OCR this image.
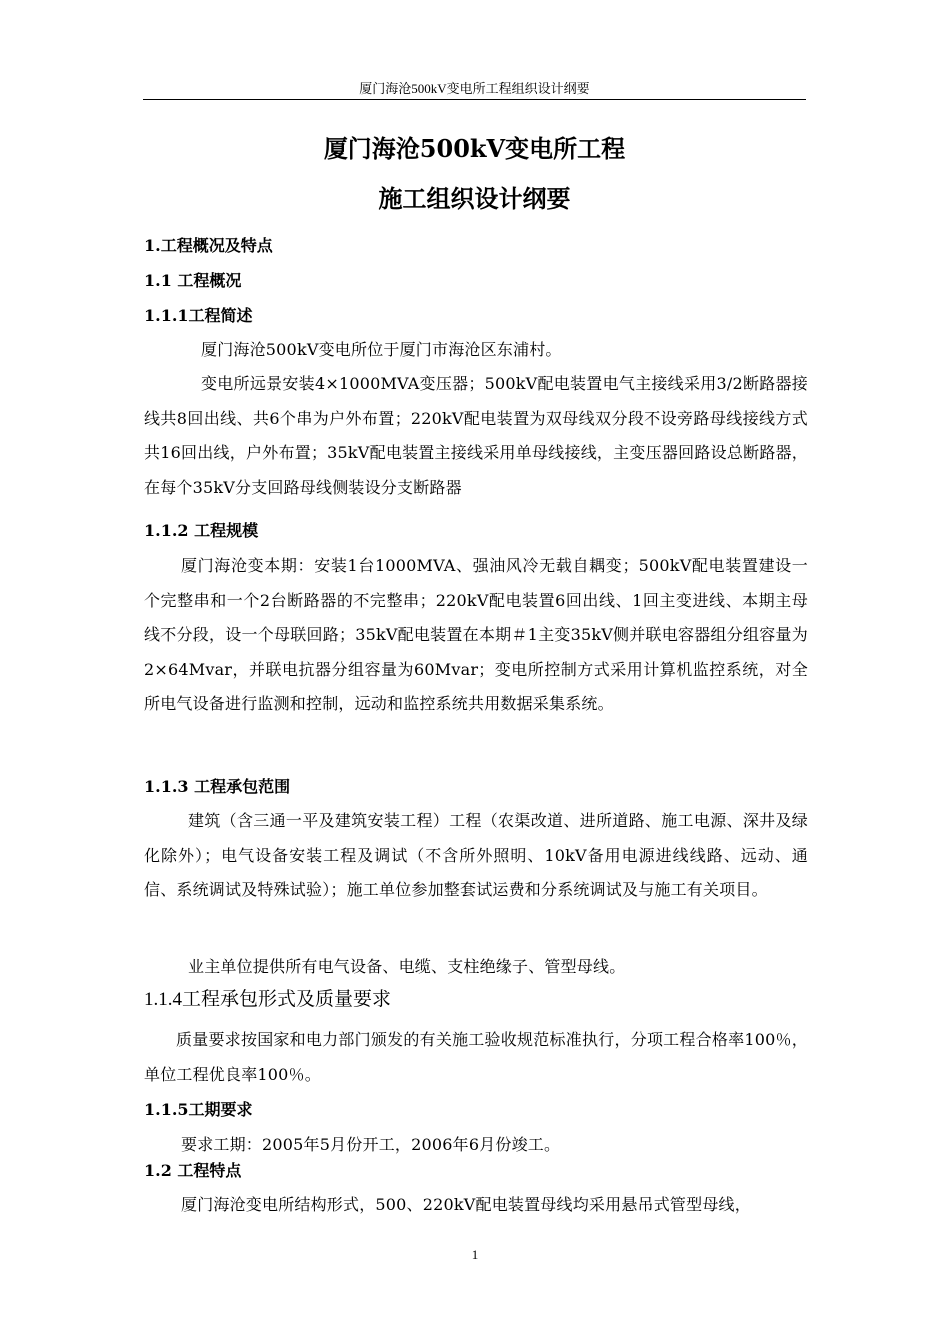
厦门海沧500kV变电所工程组织设计纲要
厦门海沧500kV变电所工程
施工组织设计纲要
1.工程概况及特点
1.1 工程概况
1.1.1工程简述
厦门海沧500kV变电所位于厦门市海沧区东浦村。
变电所远景安装4×1000MVA变压器；500kV配电装置电气主接线采用3/2断路器接线共8回出线、共6个串为户外布置；220kV配电装置为双母线双分段不设旁路母线接线方式共16回出线，户外布置；35kV配电装置主接线采用单母线接线，主变压器回路设总断路器，在每个35kV分支回路母线侧装设分支断路器
1.1.2 工程规模
厦门海沧变本期：安装1台1000MVA、强油风冷无载自耦变；500kV配电装置建设一个完整串和一个2台断路器的不完整串；220kV配电装置6回出线、1回主变进线、本期主母线不分段，设一个母联回路；35kV配电装置在本期＃1主变35kV侧并联电容器组分组容量为2×64Mvar，并联电抗器分组容量为60Mvar；变电所控制方式采用计算机监控系统，对全所电气设备进行监测和控制，远动和监控系统共用数据采集系统。
1.1.3 工程承包范围
建筑（含三通一平及建筑安装工程）工程（农渠改道、进所道路、施工电源、深井及绿化除外）；电气设备安装工程及调试（不含所外照明、10kV备用电源进线线路、远动、通信、系统调试及特殊试验）；施工单位参加整套试运费和分系统调试及与施工有关项目。
业主单位提供所有电气设备、电缆、支柱绝缘子、管型母线。
1.1.4工程承包形式及质量要求
质量要求按国家和电力部门颁发的有关施工验收规范标准执行，分项工程合格率100％，单位工程优良率100％。
1.1.5工期要求
要求工期：2005年5月份开工，2006年6月份竣工。
1.2 工程特点
厦门海沧变电所结构形式，500、220kV配电装置母线均采用悬吊式管型母线，
1
